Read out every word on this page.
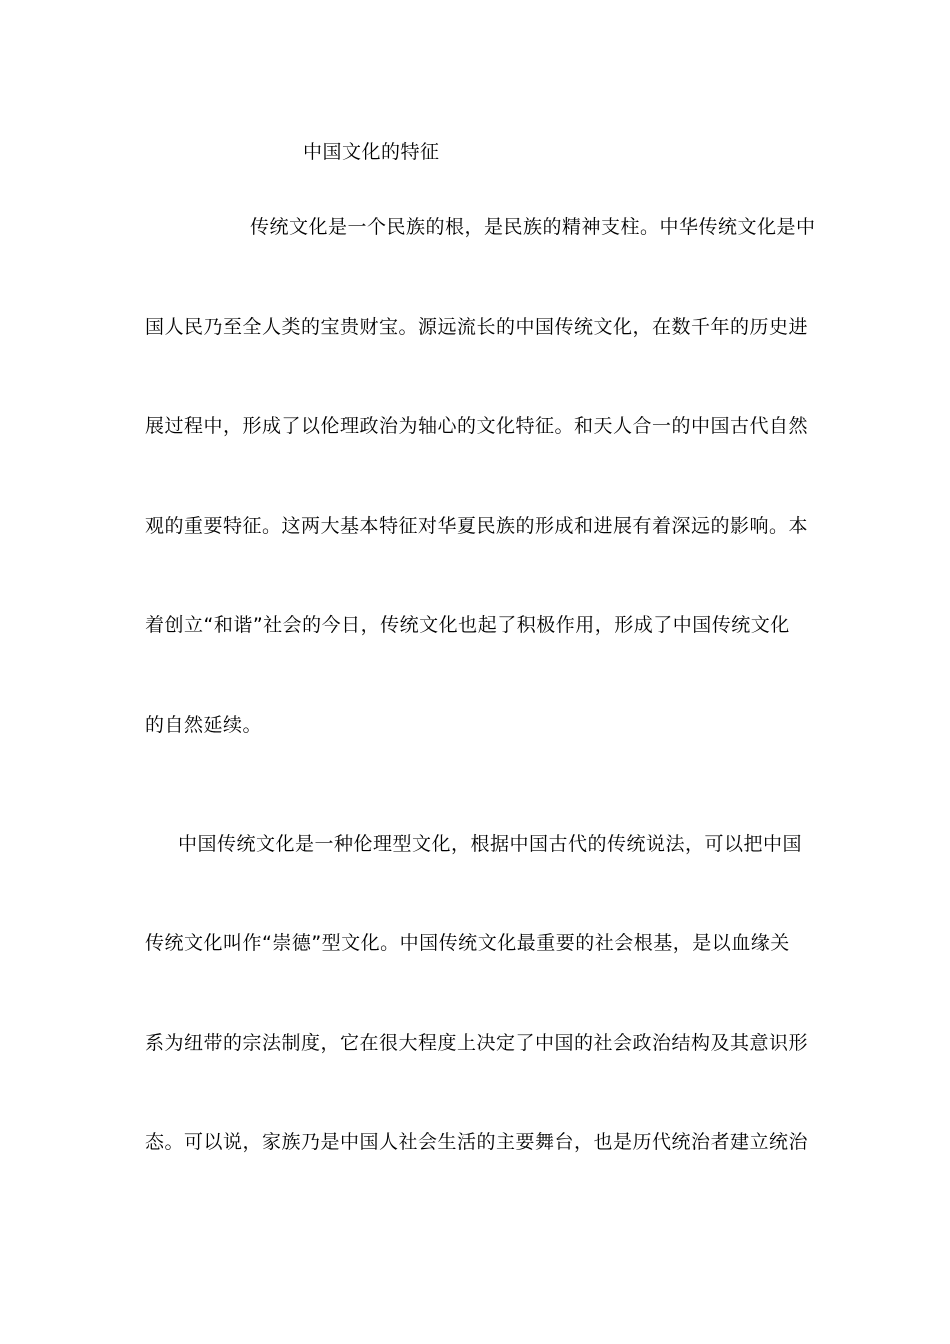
中国文化的特征
传统文化是一个民族的根，是民族的精神支柱。中华传统文化是中
国人民乃至全人类的宝贵财宝。源远流长的中国传统文化，在数千年的历史进
展过程中，形成了以伦理政治为轴心的文化特征。和天人合一的中国古代自然
观的重要特征。这两大基本特征对华夏民族的形成和进展有着深远的影响。本
着创立“和谐”社会的今日，传统文化也起了积极作用，形成了中国传统文化
的自然延续。
中国传统文化是一种伦理型文化，根据中国古代的传统说法，可以把中国
传统文化叫作“崇德”型文化。中国传统文化最重要的社会根基，是以血缘关
系为纽带的宗法制度，它在很大程度上决定了中国的社会政治结构及其意识形
态。可以说，家族乃是中国人社会生活的主要舞台，也是历代统治者建立统治
